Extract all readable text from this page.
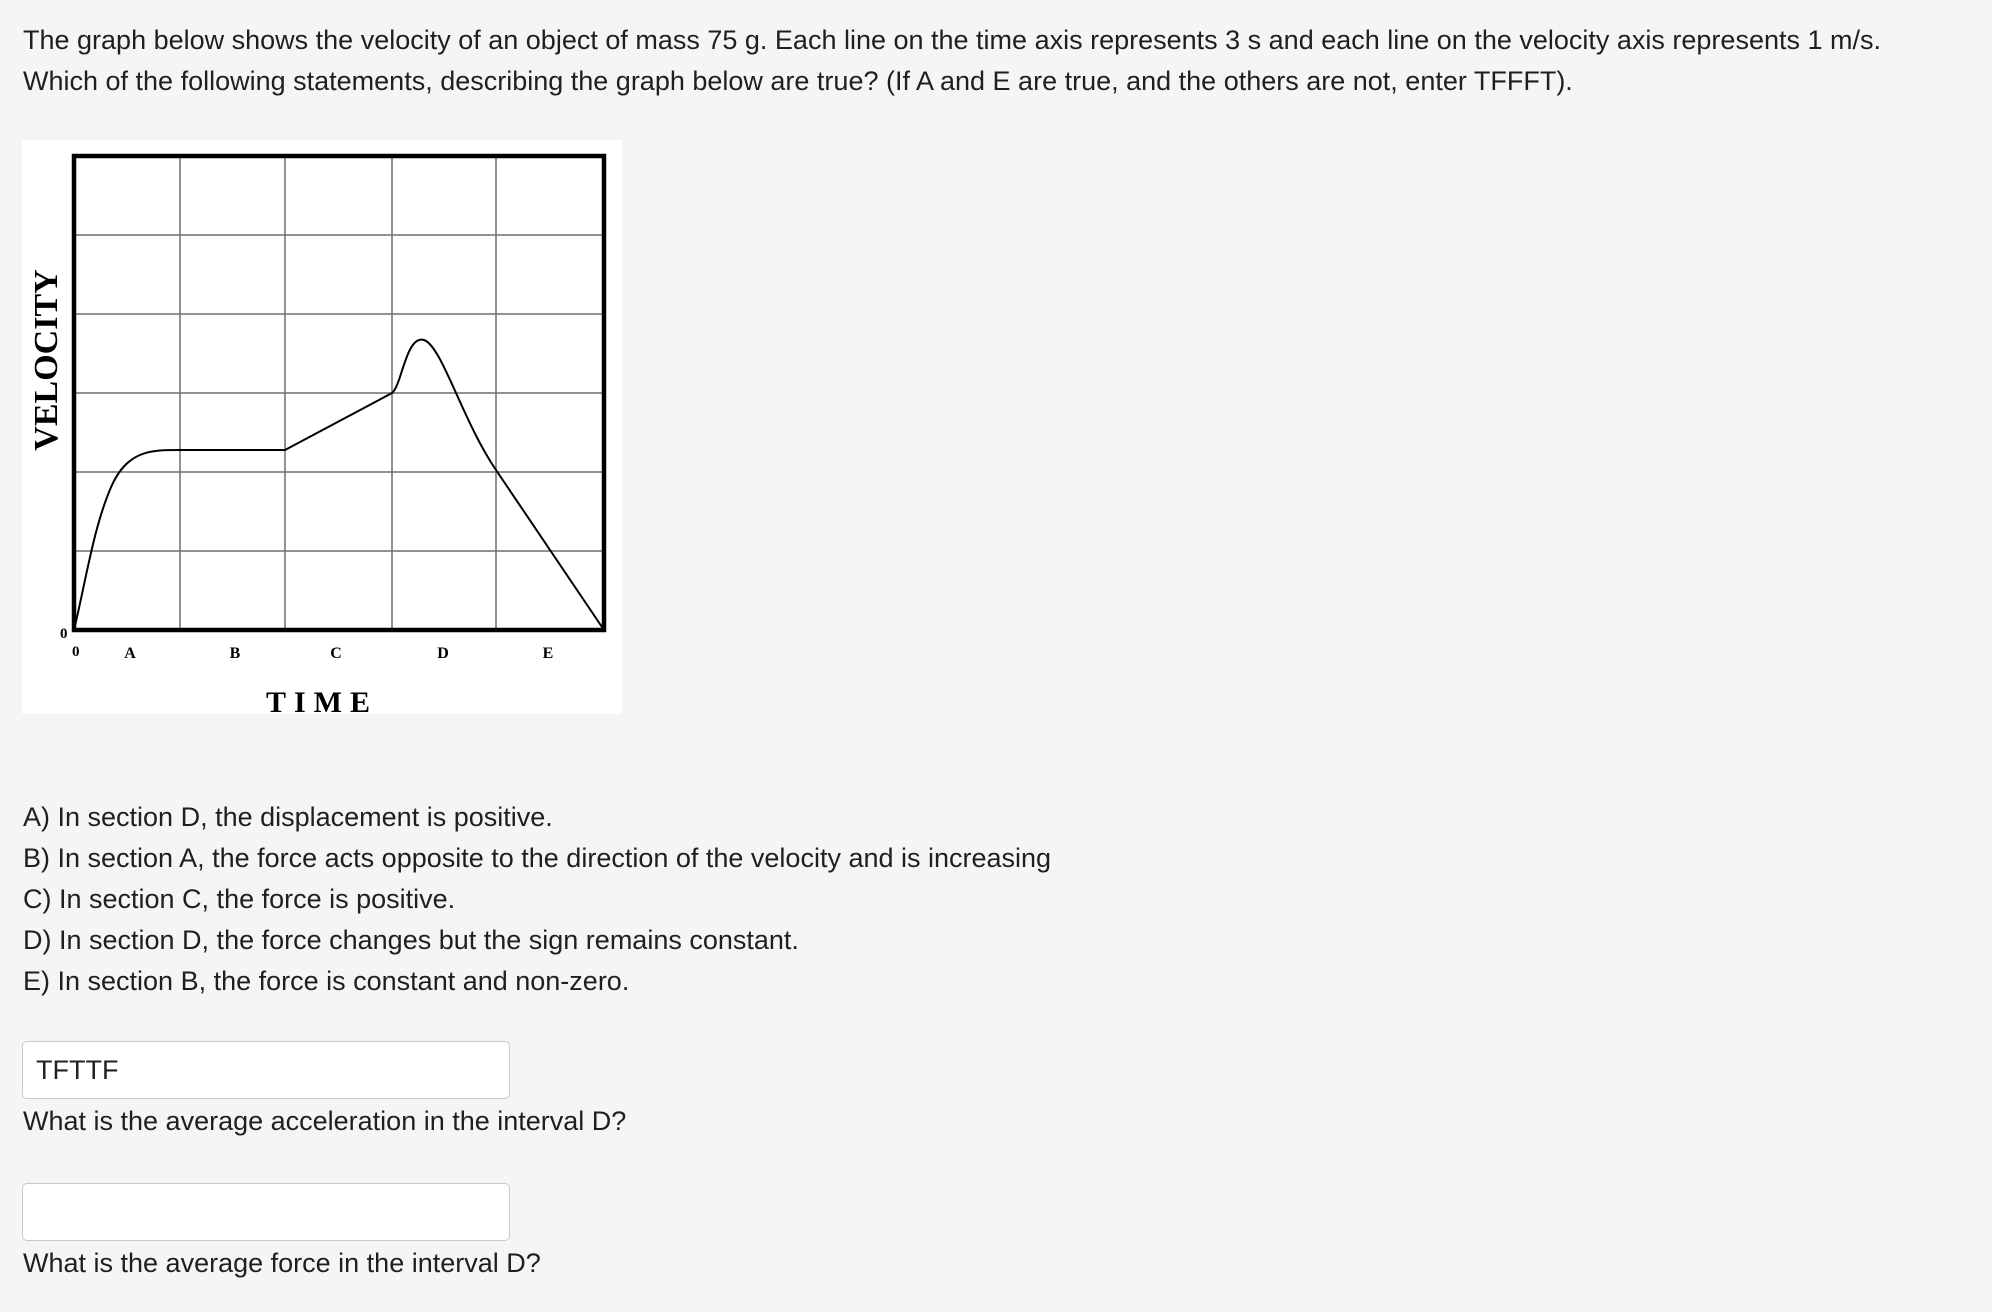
The graph below shows the velocity of an object of mass 75 g. Each line on the time axis represents 3 s and each line on the velocity axis represents 1 m/s.
Which of the following statements, describing the graph below are true? (If A and E are true, and the others are not, enter TFFFT).

VELOCITY
0
0	A	B	C	D	E
TIME
A) In section D, the displacement is positive.
B) In section A, the force acts opposite to the direction of the velocity and is increasing
C) In section C, the force is positive.
D) In section D, the force changes but the sign remains constant.
E) In section B, the force is constant and non-zero.
TFTTF

What is the average acceleration in the interval D?

What is the average force in the interval D?
